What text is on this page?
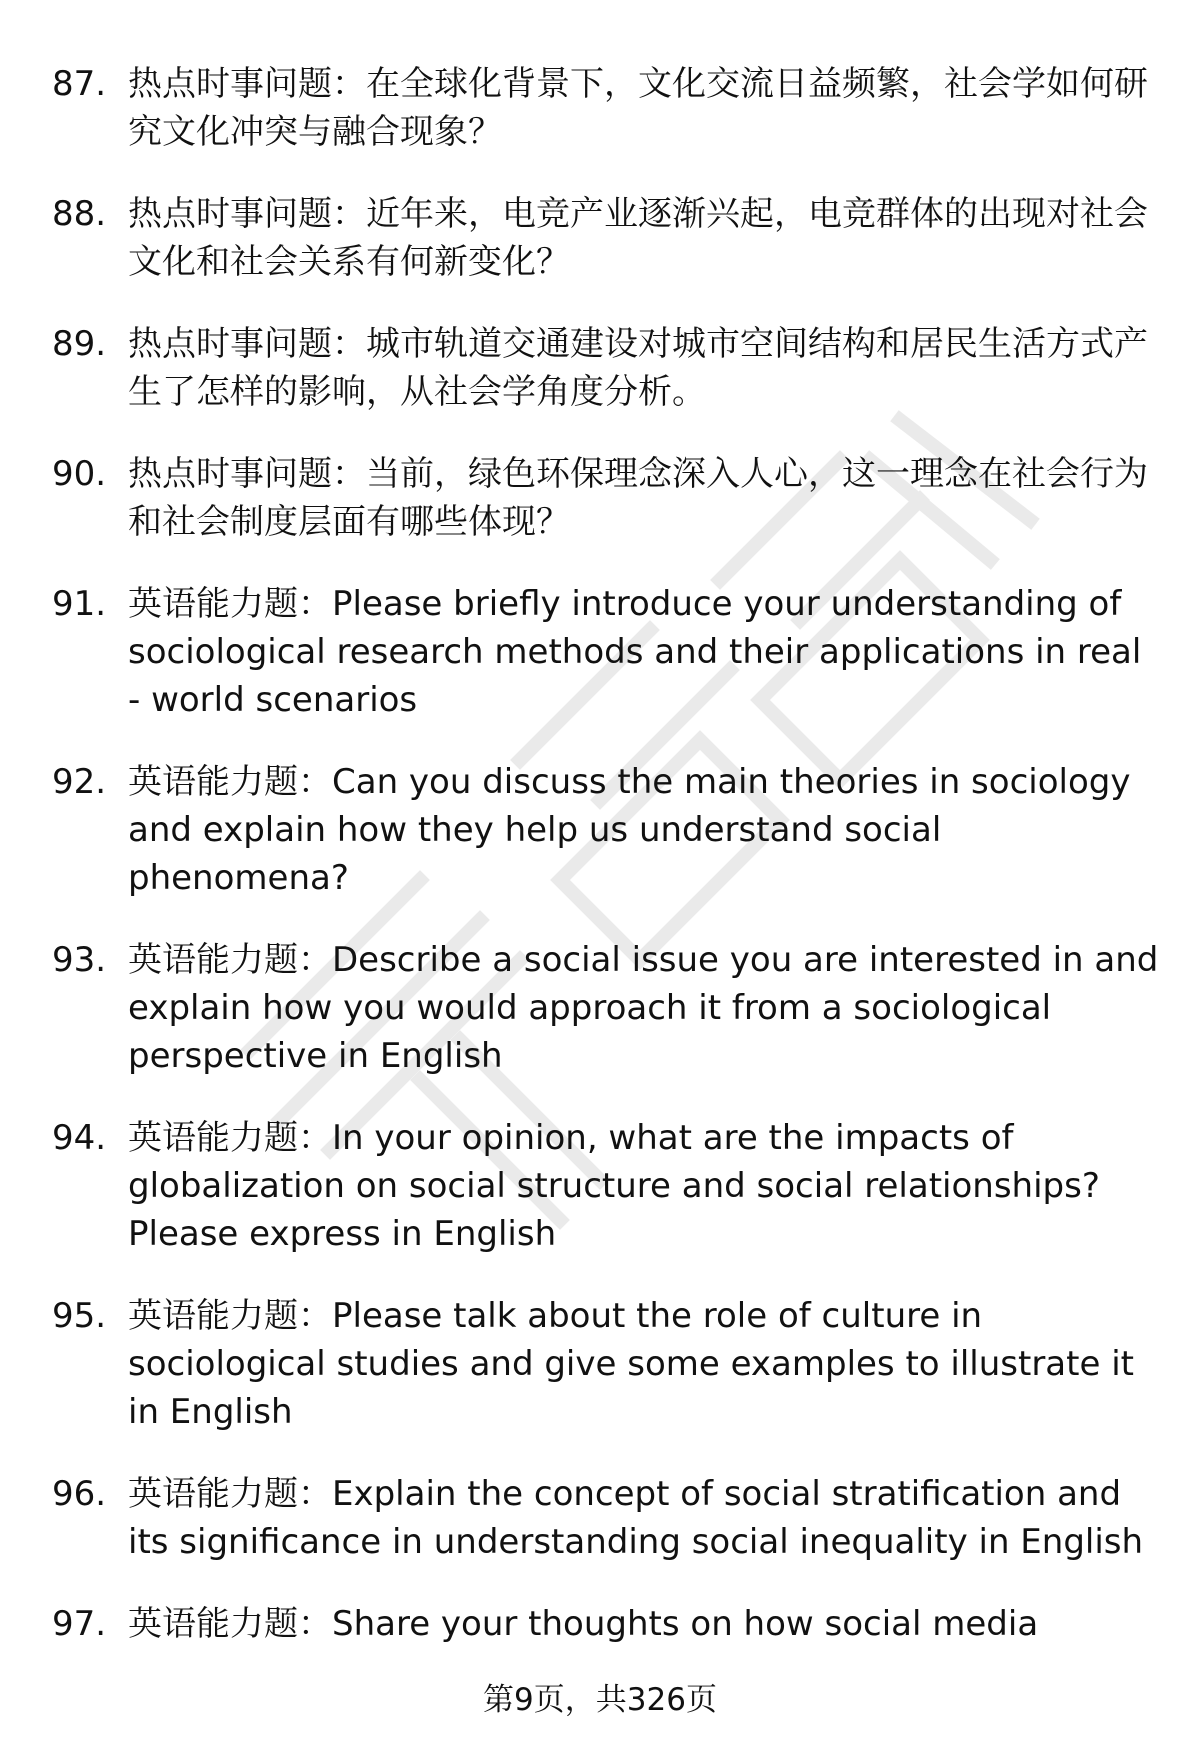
87. 热点时事问题：在全球化背景下，文化交流日益频繁，社会学如何研究文化冲突与融合现象？
88. 热点时事问题：近年来，电竞产业逐渐兴起，电竞群体的出现对社会文化和社会关系有何新变化？
89. 热点时事问题：城市轨道交通建设对城市空间结构和居民生活方式产生了怎样的影响，从社会学角度分析。
90. 热点时事问题：当前，绿色环保理念深入人心，这一理念在社会行为和社会制度层面有哪些体现？
91. 英语能力题：Please briefly introduce your understanding of sociological research methods and their applications in real - world scenarios
92. 英语能力题：Can you discuss the main theories in sociology and explain how they help us understand social phenomena?
93. 英语能力题：Describe a social issue you are interested in and explain how you would approach it from a sociological perspective in English
94. 英语能力题：In your opinion, what are the impacts of globalization on social structure and social relationships? Please express in English
95. 英语能力题：Please talk about the role of culture in sociological studies and give some examples to illustrate it in English
96. 英语能力题：Explain the concept of social stratification and its significance in understanding social inequality in English
97. 英语能力题：Share your thoughts on how social media
第9页，共326页
